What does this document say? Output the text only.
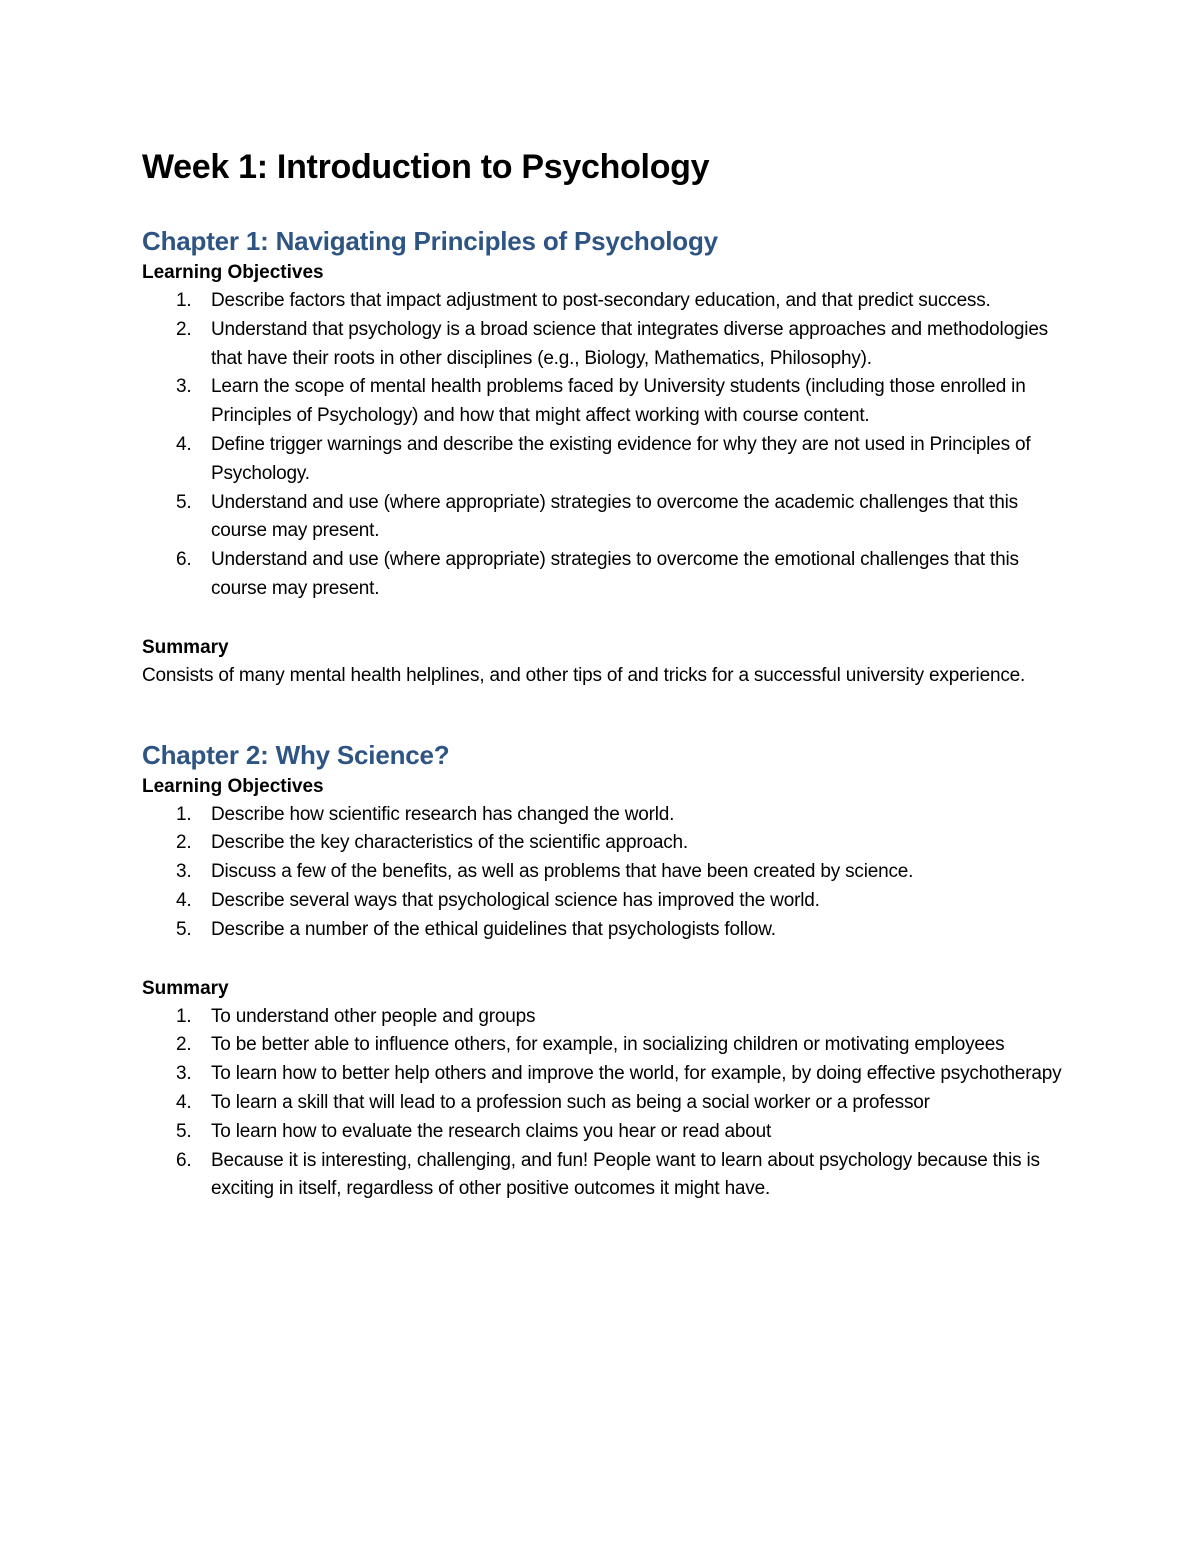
Week 1: Introduction to Psychology
Chapter 1: Navigating Principles of Psychology
Learning Objectives
1. Describe factors that impact adjustment to post-secondary education, and that predict success.
2. Understand that psychology is a broad science that integrates diverse approaches and methodologies that have their roots in other disciplines (e.g., Biology, Mathematics, Philosophy).
3. Learn the scope of mental health problems faced by University students (including those enrolled in Principles of Psychology) and how that might affect working with course content.
4. Define trigger warnings and describe the existing evidence for why they are not used in Principles of Psychology.
5. Understand and use (where appropriate) strategies to overcome the academic challenges that this course may present.
6. Understand and use (where appropriate) strategies to overcome the emotional challenges that this course may present.
Summary

Consists of many mental health helplines, and other tips of and tricks for a successful university experience.

Chapter 2: Why Science?
Learning Objectives
1. Describe how scientific research has changed the world.
2. Describe the key characteristics of the scientific approach.
3. Discuss a few of the benefits, as well as problems that have been created by science.
4. Describe several ways that psychological science has improved the world.
5. Describe a number of the ethical guidelines that psychologists follow.
Summary
1. To understand other people and groups
2. To be better able to influence others, for example, in socializing children or motivating employees
3. To learn how to better help others and improve the world, for example, by doing effective psychotherapy
4. To learn a skill that will lead to a profession such as being a social worker or a professor
5. To learn how to evaluate the research claims you hear or read about
6. Because it is interesting, challenging, and fun! People want to learn about psychology because this is exciting in itself, regardless of other positive outcomes it might have.
